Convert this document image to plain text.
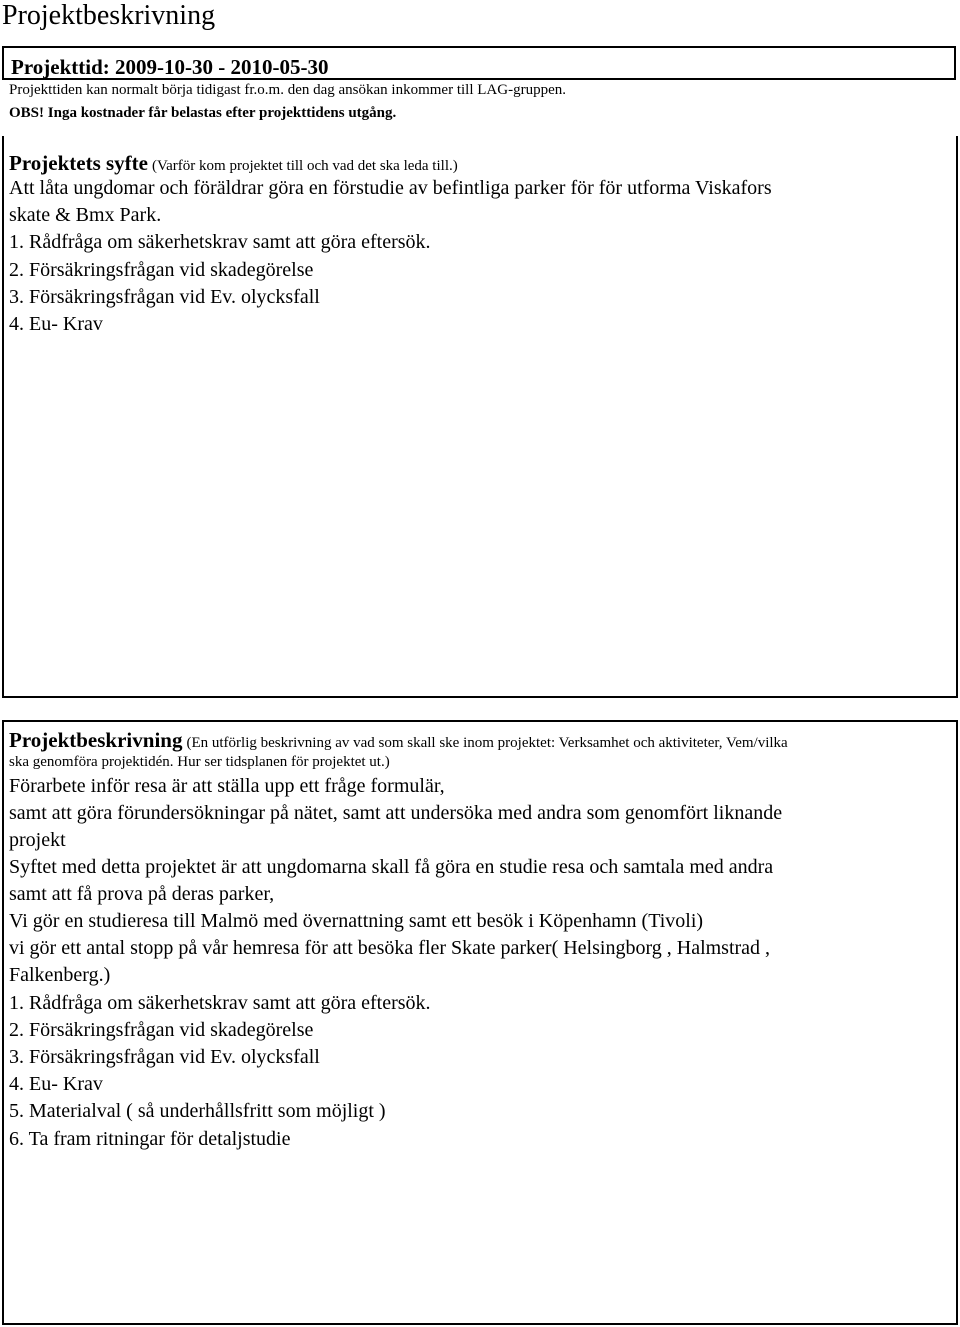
Projektbeskrivning
Projekttid: 2009-10-30 - 2010-05-30
Projekttiden kan normalt börja tidigast fr.o.m. den dag ansökan inkommer till LAG-gruppen.
OBS! Inga kostnader får belastas efter projekttidens utgång.
Projektets syfte (Varför kom projektet till och vad det ska leda till.)
Att låta ungdomar och föräldrar göra en förstudie av befintliga parker för för utforma Viskafors
skate & Bmx Park.
1. Rådfråga om säkerhetskrav samt att göra eftersök.
2. Försäkringsfrågan vid skadegörelse
3. Försäkringsfrågan vid Ev. olycksfall
4. Eu- Krav
Projektbeskrivning (En utförlig beskrivning av vad som skall ske inom projektet: Verksamhet och aktiviteter, Vem/vilka
ska genomföra projektidén. Hur ser tidsplanen för projektet ut.)
Förarbete inför resa är att ställa upp ett fråge formulär,
samt att göra förundersökningar på nätet, samt att undersöka med andra som genomfört liknande
projekt
Syftet med detta projektet är att ungdomarna skall få göra en studie resa och samtala med andra
samt att få prova på deras parker,
Vi gör en studieresa till Malmö med övernattning samt ett besök i Köpenhamn (Tivoli)
vi gör ett antal stopp på vår hemresa för att besöka fler Skate parker( Helsingborg , Halmstrad ,
Falkenberg.)
1. Rådfråga om säkerhetskrav samt att göra eftersök.
2. Försäkringsfrågan vid skadegörelse
3. Försäkringsfrågan vid Ev. olycksfall
4. Eu- Krav
5. Materialval ( så underhållsfritt som möjligt )
6. Ta fram ritningar för detaljstudie
